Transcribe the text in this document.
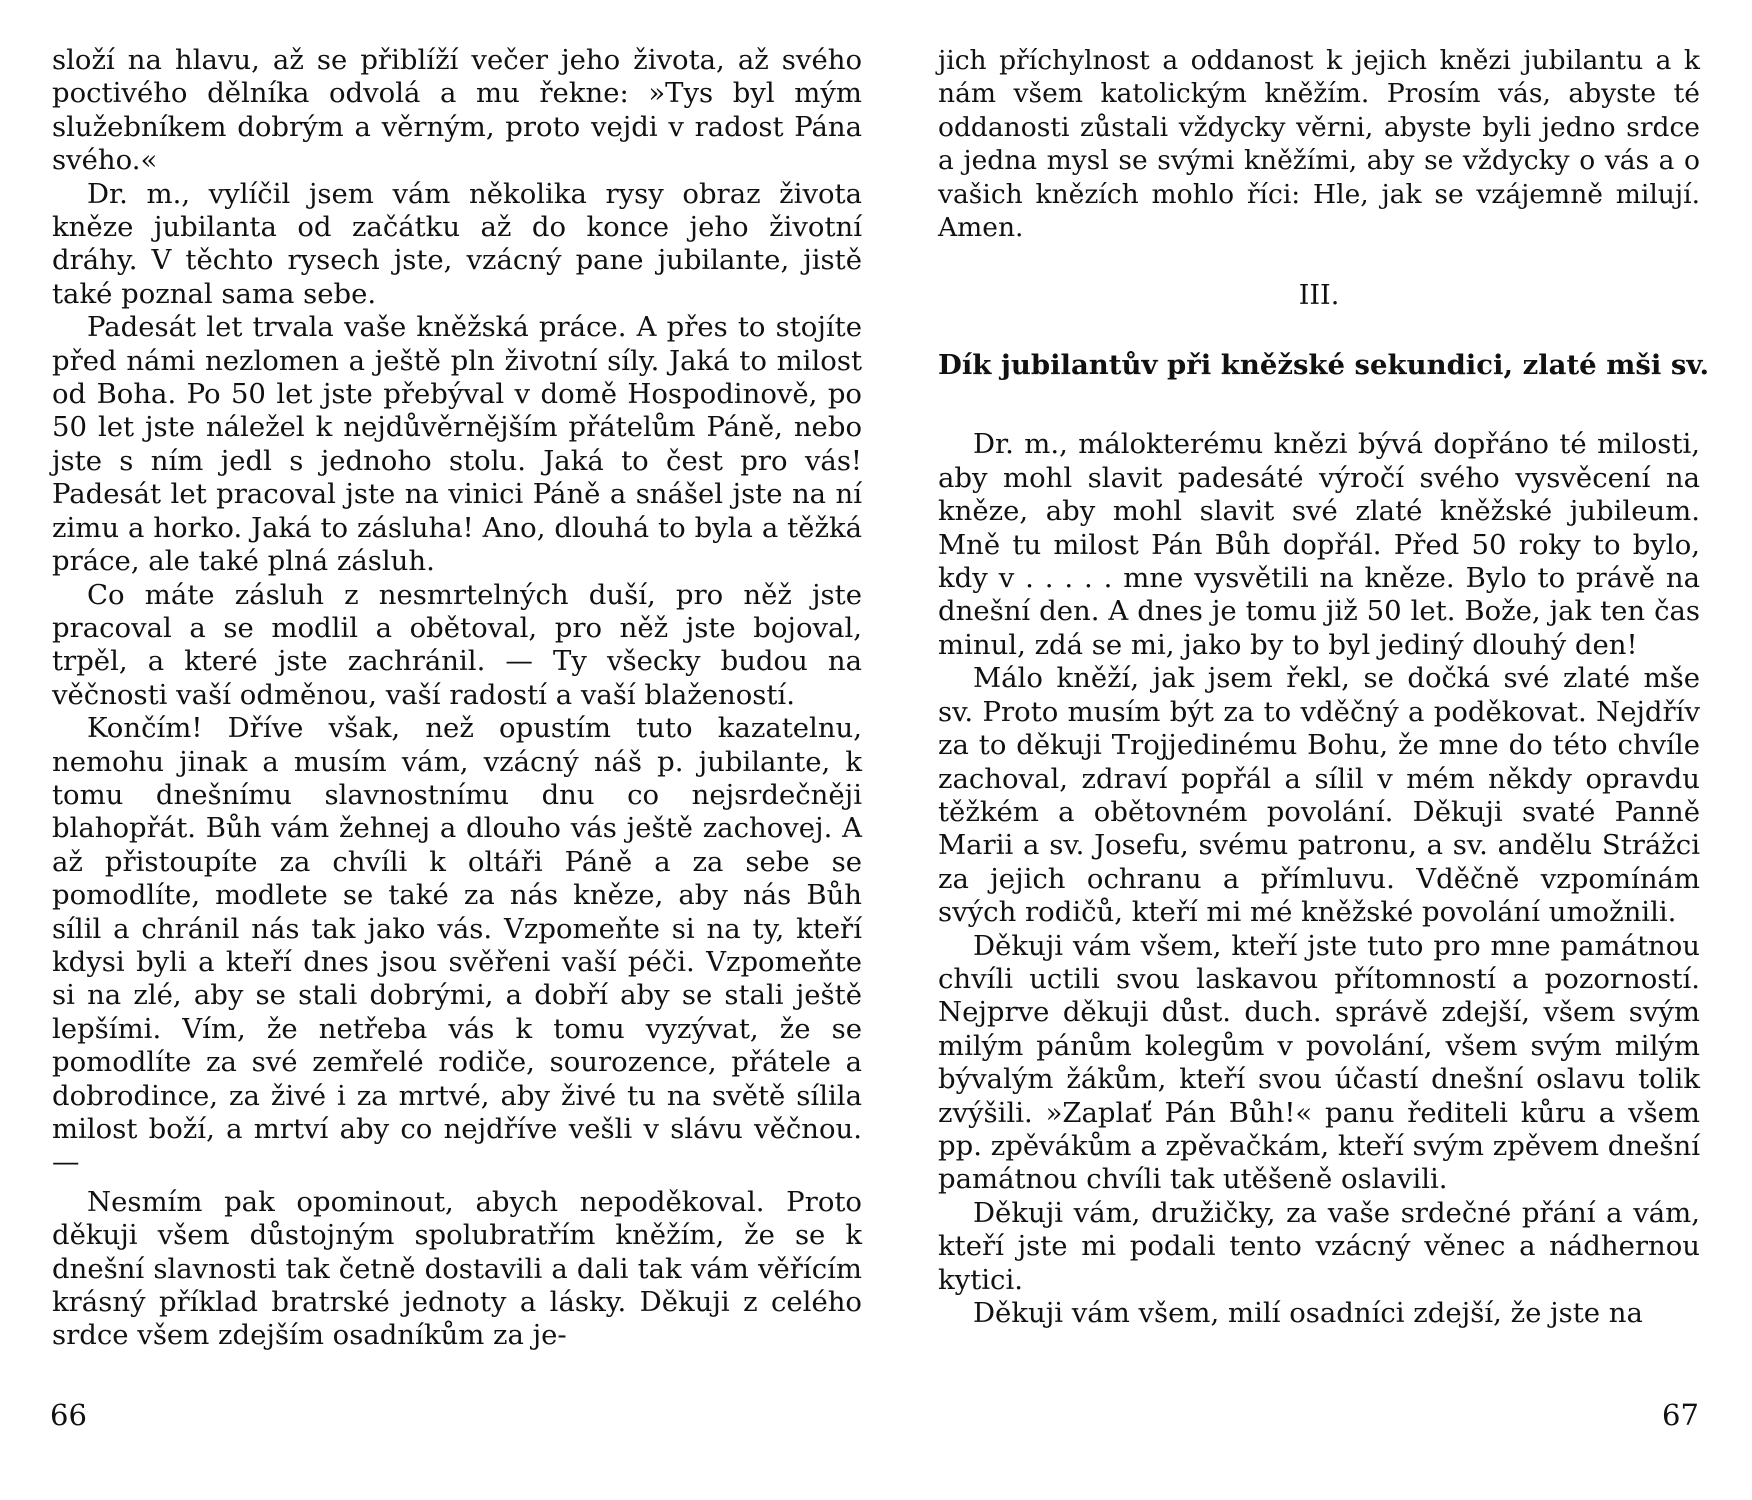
složí na hlavu, až se přiblíží večer jeho života, až svého poctivého dělníka odvolá a mu řekne: »Tys byl mým služebníkem dobrým a věrným, proto vejdi v radost Pána svého.«

Dr. m., vylíčil jsem vám několika rysy obraz života kněze jubilanta od začátku až do konce jeho životní dráhy. V těchto rysech jste, vzácný pane jubilante, jistě také poznal sama sebe.

Padesát let trvala vaše kněžská práce. A přes to stojíte před námi nezlomen a ještě pln životní síly. Jaká to milost od Boha. Po 50 let jste přebýval v domě Hospodinově, po 50 let jste náležel k nejdůvěrnějším přátelům Páně, nebo jste s ním jedl s jednoho stolu. Jaká to čest pro vás! Padesát let pracoval jste na vinici Páně a snášel jste na ní zimu a horko. Jaká to zásluha! Ano, dlouhá to byla a těžká práce, ale také plná zásluh.

Co máte zásluh z nesmrtelných duší, pro něž jste pracoval a se modlil a obětoval, pro něž jste bojoval, trpěl, a které jste zachránil. — Ty všecky budou na věčnosti vaší odměnou, vaší radostí a vaší blažeností.

Končím! Dříve však, než opustím tuto kazatelnu, nemohu jinak a musím vám, vzácný náš p. jubilante, k tomu dnešnímu slavnostnímu dnu co nejsrdečněji blahopřát. Bůh vám žehnej a dlouho vás ještě zachovej. A až přistoupíte za chvíli k oltáři Páně a za sebe se pomodlíte, modlete se také za nás kněze, aby nás Bůh sílil a chránil nás tak jako vás. Vzpomeňte si na ty, kteří kdysi byli a kteří dnes jsou svěřeni vaší péči. Vzpomeňte si na zlé, aby se stali dobrými, a dobří aby se stali ještě lepšími. Vím, že netřeba vás k tomu vyzývat, že se pomodlíte za své zemřelé rodiče, sourozence, přátele a dobrodince, za živé i za mrtvé, aby živé tu na světě sílila milost boží, a mrtví aby co nejdříve vešli v slávu věčnou. —

Nesmím pak opominout, abych nepoděkoval. Proto děkuji všem důstojným spolubratřím kněžím, že se k dnešní slavnosti tak četně dostavili a dali tak vám věřícím krásný příklad bratrské jednoty a lásky. Děkuji z celého srdce všem zdejším osadníkům za je-

66

jich příchylnost a oddanost k jejich knězi jubilantu a k nám všem katolickým kněžím. Prosím vás, abyste té oddanosti zůstali vždycky věrni, abyste byli jedno srdce a jedna mysl se svými kněžími, aby se vždycky o vás a o vašich knězích mohlo říci: Hle, jak se vzájemně milují. Amen.

III.
Dík jubilantův při kněžské sekundici, zlaté mši sv.

Dr. m., málokterému knězi bývá dopřáno té milosti, aby mohl slavit padesáté výročí svého vysvěcení na kněze, aby mohl slavit své zlaté kněžské jubileum. Mně tu milost Pán Bůh dopřál. Před 50 roky to bylo, kdy v . . . . . mne vysvětili na kněze. Bylo to právě na dnešní den. A dnes je tomu již 50 let. Bože, jak ten čas minul, zdá se mi, jako by to byl jediný dlouhý den!

Málo kněží, jak jsem řekl, se dočká své zlaté mše sv. Proto musím být za to vděčný a poděkovat. Nejdřív za to děkuji Trojjedinému Bohu, že mne do této chvíle zachoval, zdraví popřál a sílil v mém někdy opravdu těžkém a obětovném povolání. Děkuji svaté Panně Marii a sv. Josefu, svému patronu, a sv. andělu Strážci za jejich ochranu a přímluvu. Vděčně vzpomínám svých rodičů, kteří mi mé kněžské povolání umožnili.

Děkuji vám všem, kteří jste tuto pro mne památnou chvíli uctili svou laskavou přítomností a pozorností. Nejprve děkuji důst. duch. správě zdejší, všem svým milým pánům kolegům v povolání, všem svým milým bývalým žákům, kteří svou účastí dnešní oslavu tolik zvýšili. »Zaplať Pán Bůh!« panu řediteli kůru a všem pp. zpěvákům a zpěvačkám, kteří svým zpěvem dnešní památnou chvíli tak utěšeně oslavili.

Děkuji vám, družičky, za vaše srdečné přání a vám, kteří jste mi podali tento vzácný věnec a nádhernou kytici.

Děkuji vám všem, milí osadníci zdejší, že jste na

67
